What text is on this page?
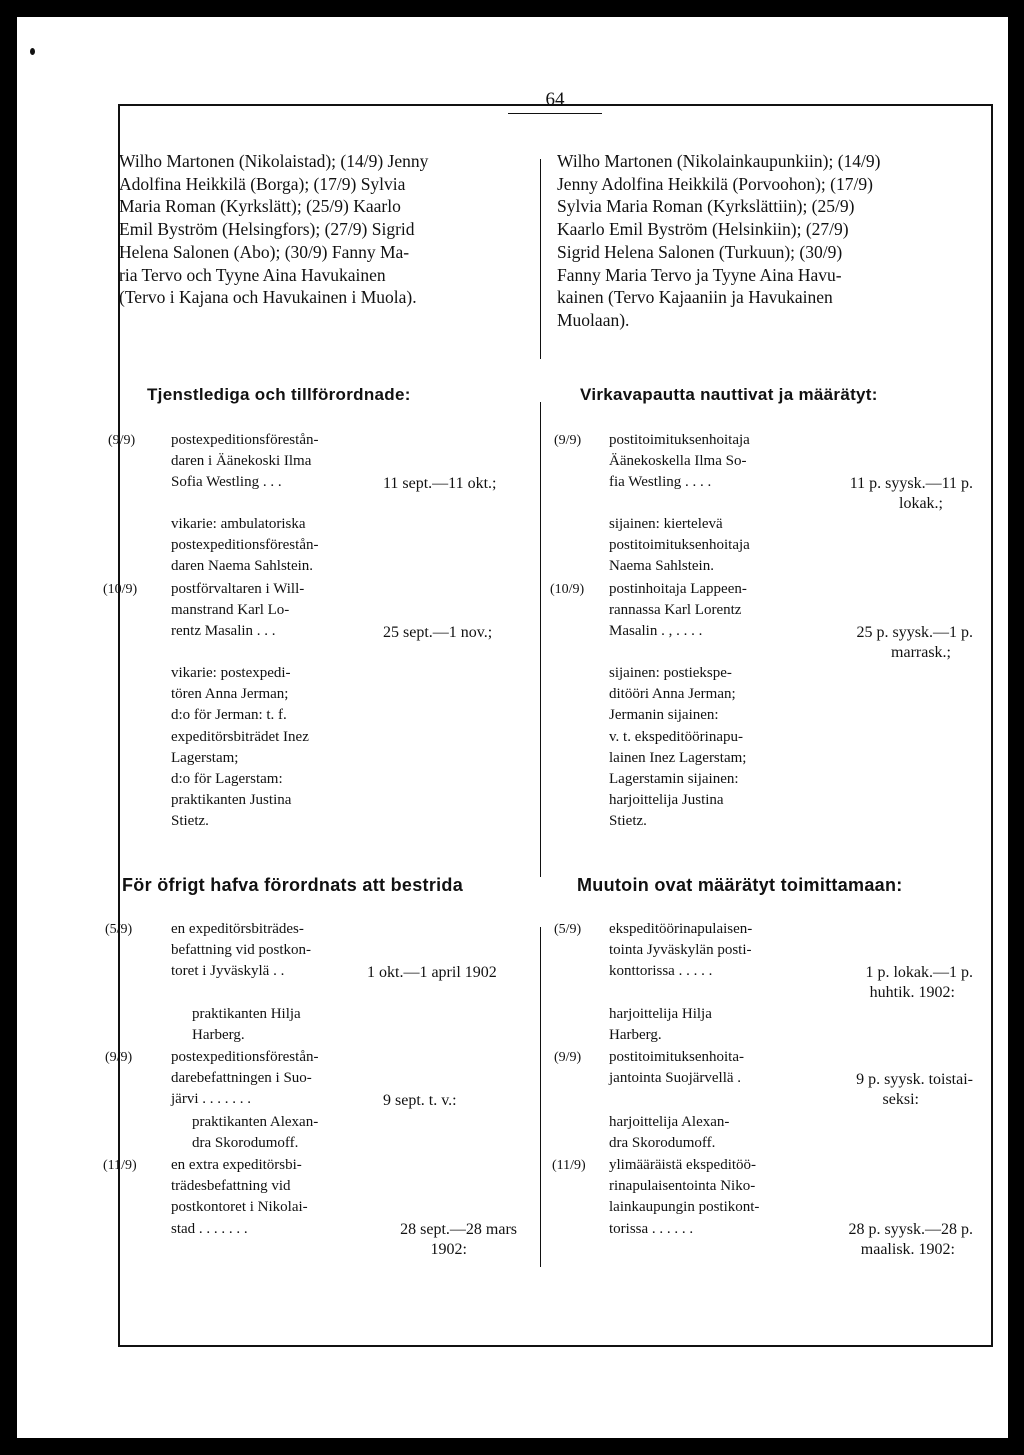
64
Wilho Martonen (Nikolaistad); (14/9) Jenny
Adolfina Heikkilä (Borga); (17/9) Sylvia
Maria Roman (Kyrkslätt); (25/9) Kaarlo
Emil Byström (Helsingfors); (27/9) Sigrid
Helena Salonen (Abo); (30/9) Fanny Ma-
ria Tervo och Tyyne Aina Havukainen
(Tervo i Kajana och Havukainen i Muola).
Wilho Martonen (Nikolainkaupunkiin); (14/9)
Jenny Adolfina Heikkilä (Porvoohon); (17/9)
Sylvia Maria Roman (Kyrkslättiin); (25/9)
Kaarlo Emil Byström (Helsinkiin); (27/9)
Sigrid Helena Salonen (Turkuun); (30/9)
Fanny Maria Tervo ja Tyyne Aina Havu-
kainen (Tervo Kajaaniin ja Havukainen
Muolaan).
Tjenstlediga och tillförordnade:	Virkavapautta nauttivat ja määrätyt:
(9/9) postexpeditionsförestån-
daren i Äänekoski Ilma
Sofia Westling . . .	11 sept.—11 okt.;
vikarie: ambulatoriska
postexpeditionsförestån-
daren Naema Sahlstein.
(10/9) postförvaltaren i Will-
manstrand Karl Lo-
rentz Masalin . . .	25 sept.—1 nov.;
vikarie: postexpedi-
tören Anna Jerman;
d:o för Jerman: t. f.
expeditörsbiträdet Inez
Lagerstam;
d:o för Lagerstam:
praktikanten Justina
Stietz.
(9/9) postitoimituksenhoitaja
Äänekoskella Ilma So-
fia Westling . . . .	11 p. syysk.—11 p.
lokak.;
sijainen: kiertelevä
postitoimituksenhoitaja
Naema Sahlstein.
(10/9) postinhoitaja Lappeen-
rannassa Karl Lorentz
Masalin . , . . . .	25 p. syysk.—1 p.
marrask.;
sijainen: postiekspe-
ditööri Anna Jerman;
Jermanin sijainen:
v. t. ekspeditöörinapu-
lainen Inez Lagerstam;
Lagerstamin sijainen:
harjoittelija Justina
Stietz.
För öfrigt hafva förordnats att bestrida	Muutoin ovat määrätyt toimittamaan:
(5/9)	en expeditörsbiträdes-
befattning vid postkon-
toret i Jyväskylä . .	1 okt.—1 april 1902
praktikanten Hilja
Harberg.
(9/9)	postexpeditionsförestån-
darebefattningen i Suo-
järvi . . . . . . .	9 sept. t. v.:
praktikanten Alexan-
dra Skorodumoff.
(11/9) en extra expeditörsbi-
trädesbefattning vid
postkontoret i Nikolai-
stad . . . . . . .	28 sept.—28 mars
1902:
(5/9) ekspeditöörinapulaisen-
tointa Jyväskylän posti-
konttorissa . . . . .	1 p. lokak.—1 p.
huhtik. 1902:
harjoittelija Hilja
Harberg.
(9/9) postitoimituksenhoita-
jantointa Suojärvellä .	9 p. syysk. toistai-
seksi:
harjoittelija Alexan-
dra Skorodumoff.
(11/9) ylimääräistä ekspeditöö-
rinapulaisentointa Niko-
lainkaupungin postikont-
torissa . . . . . .	28 p. syysk.—28 p.
maalisk. 1902:
